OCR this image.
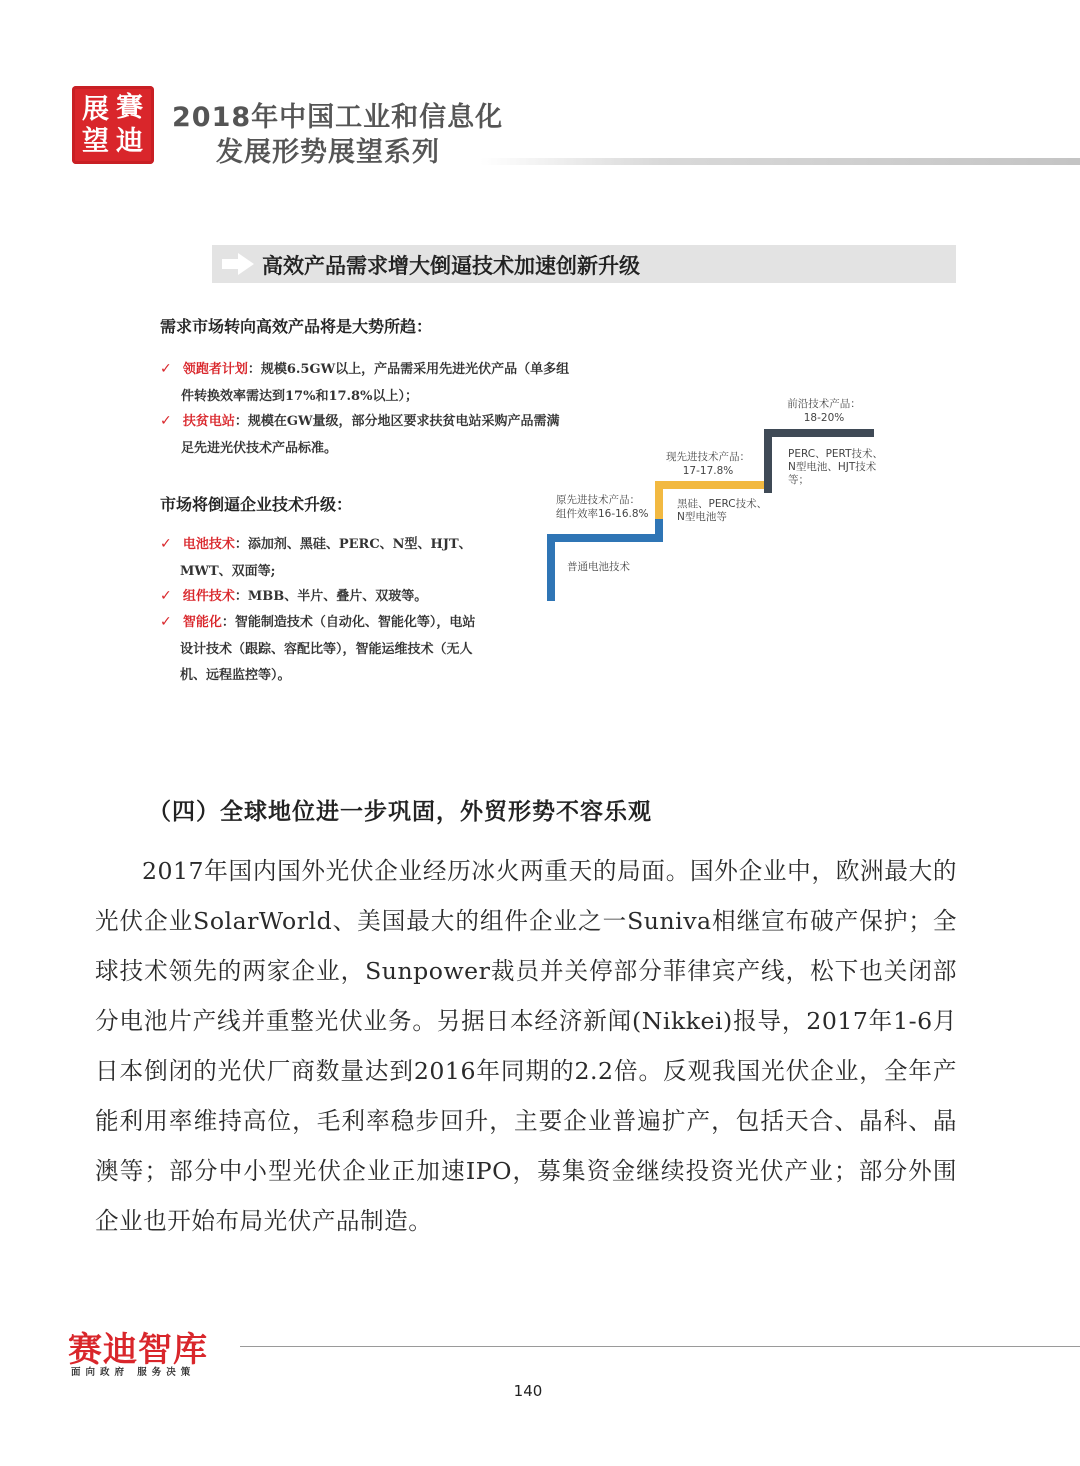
賽
展
迪
望
2018年中国工业和信息化
发展形势展望系列
高效产品需求增大倒逼技术加速创新升级
需求市场转向高效产品将是大势所趋：
✓ 领跑者计划：规模6.5GW以上，产品需采用先进光伏产品（单多组
件转换效率需达到17%和17.8%以上）；
✓ 扶贫电站：规模在GW量级，部分地区要求扶贫电站采购产品需满
足先进光伏技术产品标准。
市场将倒逼企业技术升级：
✓ 电池技术：添加剂、黑硅、PERC、N型、HJT、
MWT、双面等;
✓ 组件技术：MBB、半片、叠片、双玻等。
✓ 智能化：智能制造技术（自动化、智能化等），电站
设计技术（跟踪、容配比等），智能运维技术（无人
机、远程监控等）。
原先进技术产品：
组件效率16-16.8%
普通电池技术
现先进技术产品：
17-17.8%
黑硅、PERC技术、
N型电池等
前沿技术产品：
18-20%
PERC、PERT技术、
N型电池、HJT技术
等；
（四）全球地位进一步巩固，外贸形势不容乐观

2017年国内国外光伏企业经历冰火两重天的局面。国外企业中，欧洲最大的光伏企业SolarWorld、美国最大的组件企业之一Suniva相继宣布破产保护；全球技术领先的两家企业，Sunpower裁员并关停部分菲律宾产线，松下也关闭部分电池片产线并重整光伏业务。另据日本经济新闻(Nikkei)报导，2017年1-6月日本倒闭的光伏厂商数量达到2016年同期的2.2倍。反观我国光伏企业，全年产能利用率维持高位，毛利率稳步回升，主要企业普遍扩产，包括天合、晶科、晶澳等；部分中小型光伏企业正加速IPO，募集资金继续投资光伏产业；部分外围企业也开始布局光伏产品制造。

赛迪智库
面向政府 服务决策
140
